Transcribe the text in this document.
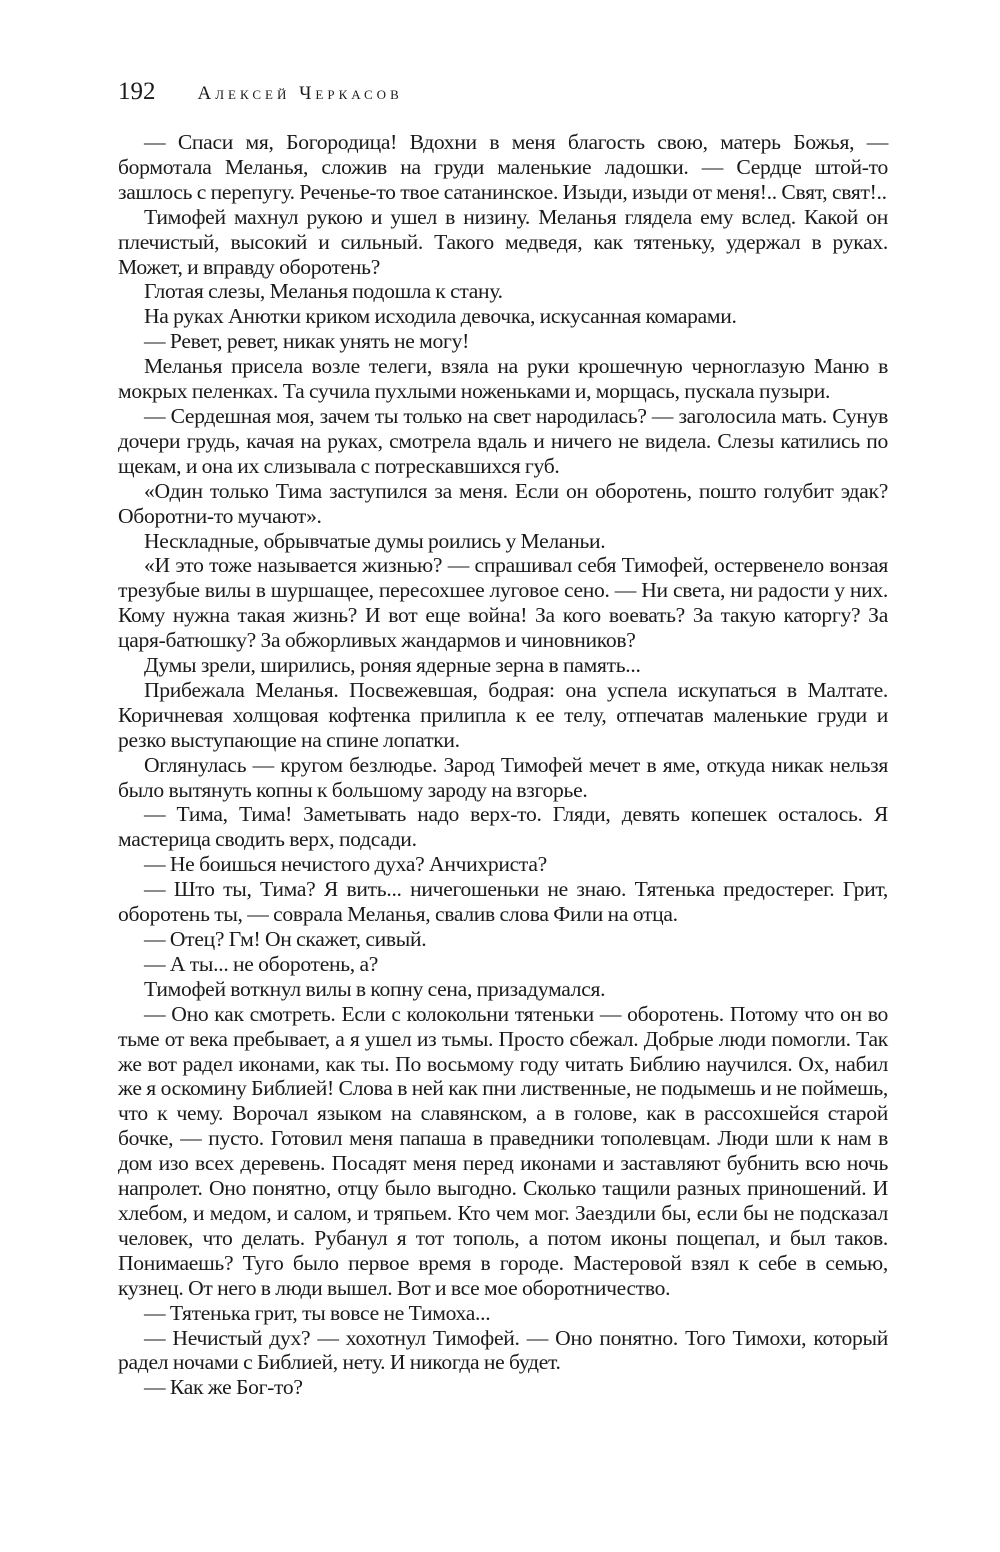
192 Алексей Черкасов

— Спаси мя, Богородица! Вдохни в меня благость свою, матерь Божья, — бормотала Меланья, сложив на груди маленькие ладошки. — Сердце штой-то зашлось с перепугу. Реченье-то твое сатанинское. Изыди, изыди от меня!.. Свят, свят!..

Тимофей махнул рукою и ушел в низину. Меланья глядела ему вслед. Какой он плечистый, высокий и сильный. Такого медведя, как тятеньку, удержал в руках. Может, и вправду оборотень?

Глотая слезы, Меланья подошла к стану.

На руках Анютки криком исходила девочка, искусанная комарами.

— Ревет, ревет, никак унять не могу!

Меланья присела возле телеги, взяла на руки крошечную черноглазую Маню в мокрых пеленках. Та сучила пухлыми ноженьками и, морщась, пускала пузыри.

— Сердешная моя, зачем ты только на свет народилась? — заголосила мать. Сунув дочери грудь, качая на руках, смотрела вдаль и ничего не видела. Слезы катились по щекам, и она их слизывала с потрескавшихся губ.

«Один только Тима заступился за меня. Если он оборотень, пошто голубит эдак? Оборотни-то мучают».

Нескладные, обрывчатые думы роились у Меланьи.

«И это тоже называется жизнью? — спрашивал себя Тимофей, остервенело вонзая трезубые вилы в шуршащее, пересохшее луговое сено. — Ни света, ни радости у них. Кому нужна такая жизнь? И вот еще война! За кого воевать? За такую каторгу? За царя-батюшку? За обжорливых жандармов и чиновников?

Думы зрели, ширились, роняя ядерные зерна в память...

Прибежала Меланья. Посвежевшая, бодрая: она успела искупаться в Малтате. Коричневая холщовая кофтенка прилипла к ее телу, отпечатав маленькие груди и резко выступающие на спине лопатки.

Оглянулась — кругом безлюдье. Зарод Тимофей мечет в яме, откуда никак нельзя было вытянуть копны к большому зароду на взгорье.

— Тима, Тима! Заметывать надо верх-то. Гляди, девять копешек осталось. Я мастерица сводить верх, подсади.

— Не боишься нечистого духа? Анчихриста?

— Што ты, Тима? Я вить... ничегошеньки не знаю. Тятенька предостерег. Грит, оборотень ты, — соврала Меланья, свалив слова Фили на отца.

— Отец? Гм! Он скажет, сивый.

— А ты... не оборотень, а?

Тимофей воткнул вилы в копну сена, призадумался.

— Оно как смотреть. Если с колокольни тятеньки — оборотень. Потому что он во тьме от века пребывает, а я ушел из тьмы. Просто сбежал. Добрые люди помогли. Так же вот радел иконами, как ты. По восьмому году читать Библию научился. Ох, набил же я оскомину Библией! Слова в ней как пни лиственные, не подымешь и не поймешь, что к чему. Ворочал языком на славянском, а в голове, как в рассохшейся старой бочке, — пусто. Готовил меня папаша в праведники тополевцам. Люди шли к нам в дом изо всех деревень. Посадят меня перед иконами и заставляют бубнить всю ночь напролет. Оно понятно, отцу было выгодно. Сколько тащили разных приношений. И хлебом, и медом, и салом, и тряпьем. Кто чем мог. Заездили бы, если бы не подсказал человек, что делать. Рубанул я тот тополь, а потом иконы пощепал, и был таков. Понимаешь? Туго было первое время в городе. Мастеровой взял к себе в семью, кузнец. От него в люди вышел. Вот и все мое оборотничество.

— Тятенька грит, ты вовсе не Тимоха...

— Нечистый дух? — хохотнул Тимофей. — Оно понятно. Того Тимохи, который радел ночами с Библией, нету. И никогда не будет.

— Как же Бог-то?
